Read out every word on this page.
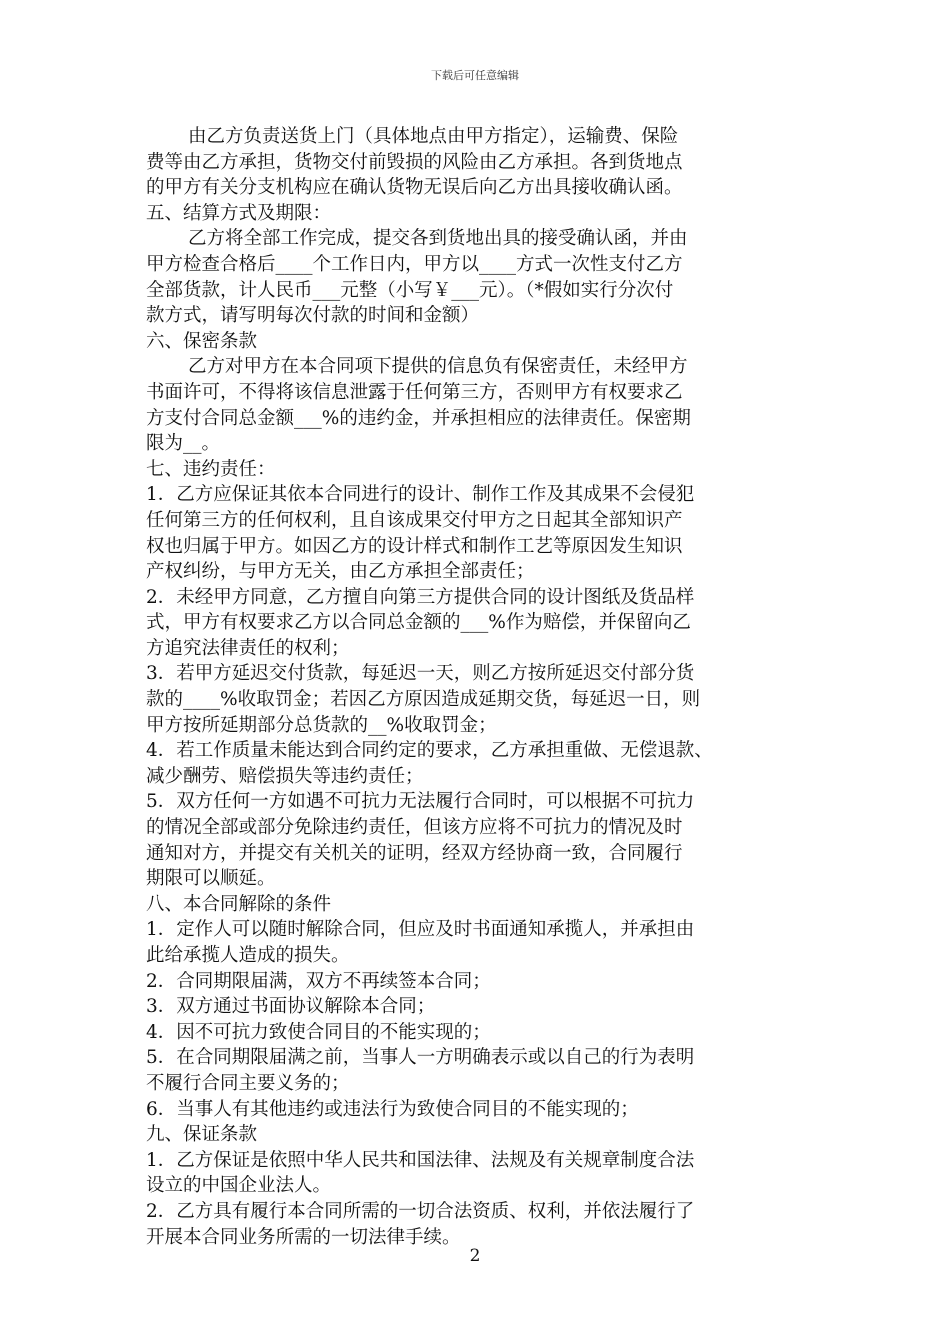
下载后可任意编辑

由乙方负责送货上门（具体地点由甲方指定），运输费、保险

费等由乙方承担，货物交付前毁损的风险由乙方承担。各到货地点

的甲方有关分支机构应在确认货物无误后向乙方出具接收确认函。

五、结算方式及期限：

乙方将全部工作完成，提交各到货地出具的接受确认函，并由

甲方检查合格后____个工作日内，甲方以____方式一次性支付乙方

全部货款，计人民币___元整（小写￥___元）。（*假如实行分次付

款方式，请写明每次付款的时间和金额）

六、保密条款

乙方对甲方在本合同项下提供的信息负有保密责任，未经甲方

书面许可，不得将该信息泄露于任何第三方，否则甲方有权要求乙

方支付合同总金额___%的违约金，并承担相应的法律责任。保密期

限为__。

七、违约责任：

1．乙方应保证其依本合同进行的设计、制作工作及其成果不会侵犯

任何第三方的任何权利，且自该成果交付甲方之日起其全部知识产

权也归属于甲方。如因乙方的设计样式和制作工艺等原因发生知识

产权纠纷，与甲方无关，由乙方承担全部责任；

2．未经甲方同意，乙方擅自向第三方提供合同的设计图纸及货品样

式，甲方有权要求乙方以合同总金额的___%作为赔偿，并保留向乙

方追究法律责任的权利；

3．若甲方延迟交付货款，每延迟一天，则乙方按所延迟交付部分货

款的____%收取罚金；若因乙方原因造成延期交货，每延迟一日，则

甲方按所延期部分总货款的__%收取罚金；

4．若工作质量未能达到合同约定的要求，乙方承担重做、无偿退款、

减少酬劳、赔偿损失等违约责任；

5．双方任何一方如遇不可抗力无法履行合同时，可以根据不可抗力

的情况全部或部分免除违约责任，但该方应将不可抗力的情况及时

通知对方，并提交有关机关的证明，经双方经协商一致，合同履行

期限可以顺延。

八、本合同解除的条件

1．定作人可以随时解除合同，但应及时书面通知承揽人，并承担由

此给承揽人造成的损失。

2．合同期限届满，双方不再续签本合同；

3．双方通过书面协议解除本合同；

4．因不可抗力致使合同目的不能实现的；

5．在合同期限届满之前，当事人一方明确表示或以自己的行为表明

不履行合同主要义务的；

6．当事人有其他违约或违法行为致使合同目的不能实现的；

九、保证条款

1．乙方保证是依照中华人民共和国法律、法规及有关规章制度合法

设立的中国企业法人。

2．乙方具有履行本合同所需的一切合法资质、权利，并依法履行了

开展本合同业务所需的一切法律手续。

2
